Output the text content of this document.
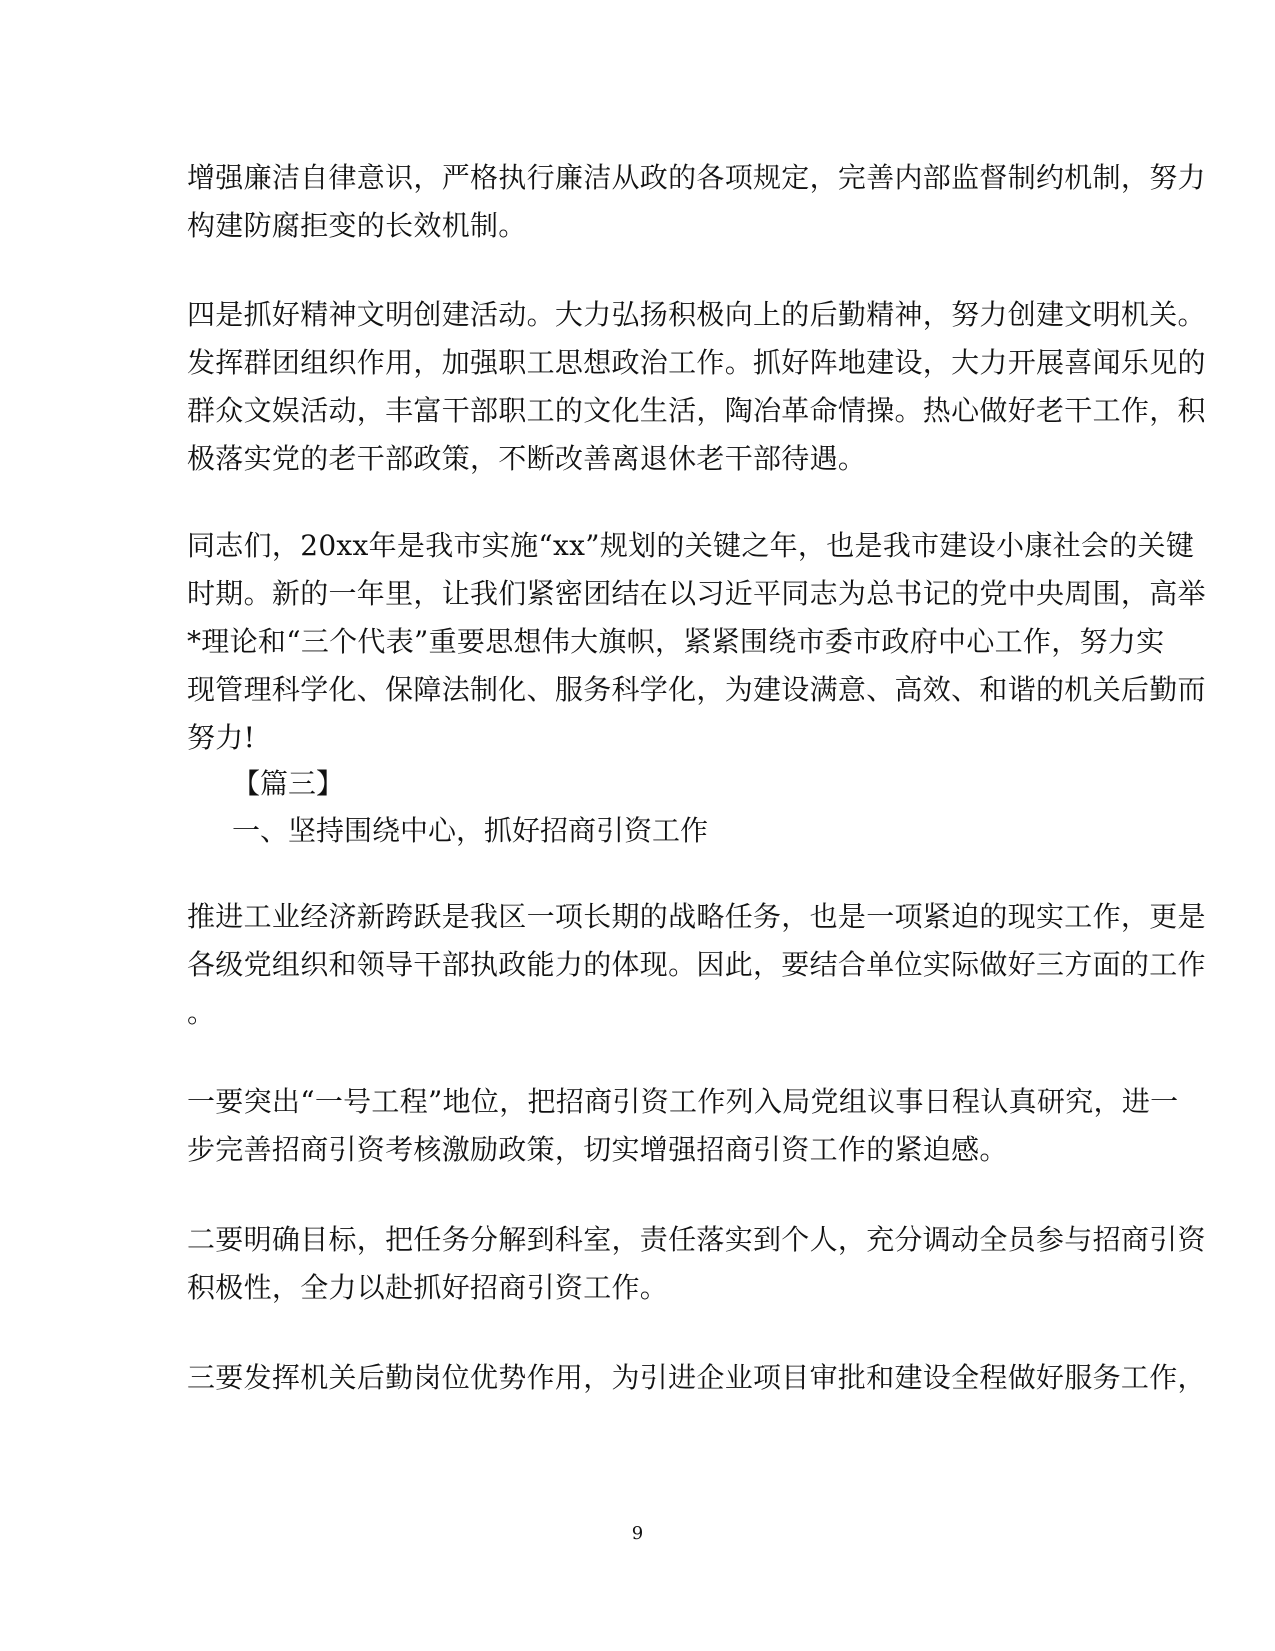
增强廉洁自律意识，严格执行廉洁从政的各项规定，完善内部监督制约机制，努力
构建防腐拒变的长效机制。
四是抓好精神文明创建活动。大力弘扬积极向上的后勤精神，努力创建文明机关。
发挥群团组织作用，加强职工思想政治工作。抓好阵地建设，大力开展喜闻乐见的
群众文娱活动，丰富干部职工的文化生活，陶冶革命情操。热心做好老干工作，积
极落实党的老干部政策，不断改善离退休老干部待遇。
同志们，20xx年是我市实施“xx”规划的关键之年，也是我市建设小康社会的关键
时期。新的一年里，让我们紧密团结在以习近平同志为总书记的党中央周围，高举
*理论和“三个代表”重要思想伟大旗帜，紧紧围绕市委市政府中心工作，努力实
现管理科学化、保障法制化、服务科学化，为建设满意、高效、和谐的机关后勤而
努力!
【篇三】
一、坚持围绕中心，抓好招商引资工作
推进工业经济新跨跃是我区一项长期的战略任务，也是一项紧迫的现实工作，更是
各级党组织和领导干部执政能力的体现。因此，要结合单位实际做好三方面的工作
。
一要突出“一号工程”地位，把招商引资工作列入局党组议事日程认真研究，进一
步完善招商引资考核激励政策，切实增强招商引资工作的紧迫感。
二要明确目标，把任务分解到科室，责任落实到个人，充分调动全员参与招商引资
积极性，全力以赴抓好招商引资工作。
三要发挥机关后勤岗位优势作用，为引进企业项目审批和建设全程做好服务工作，
9
